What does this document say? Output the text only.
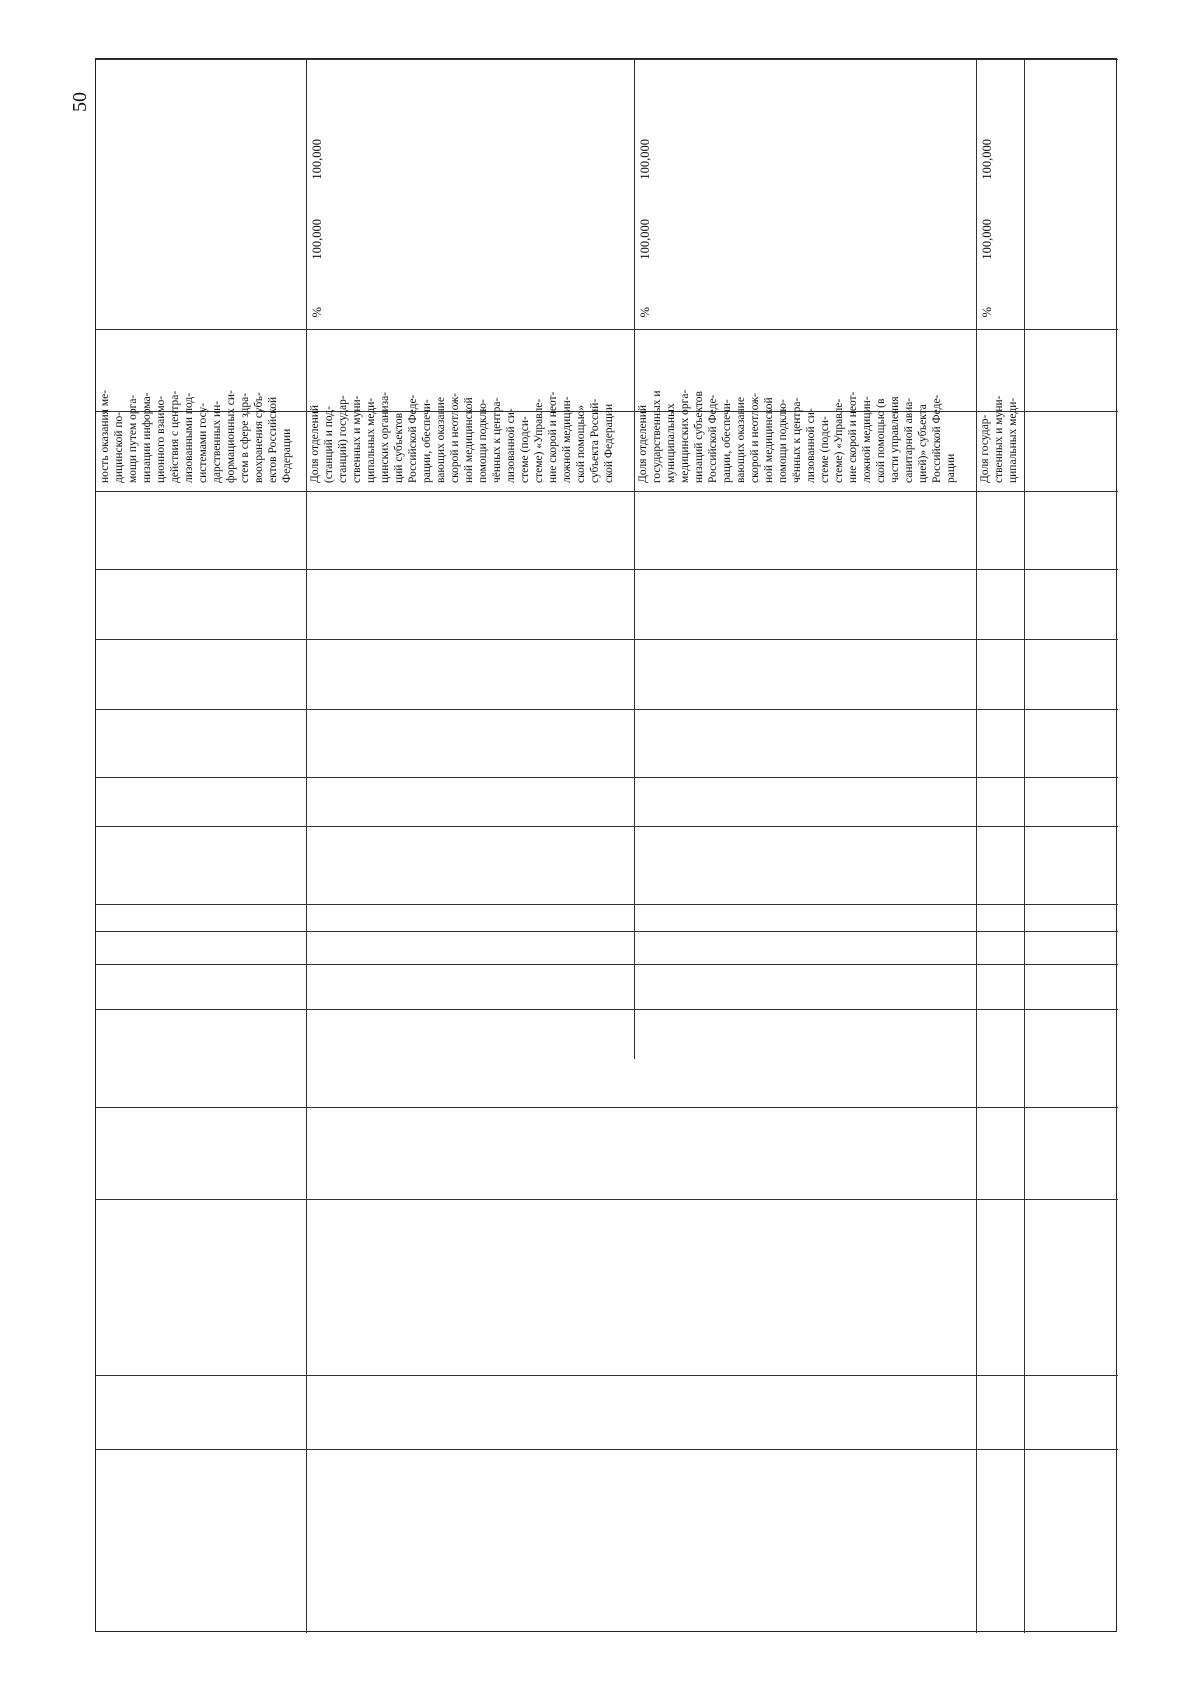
50
ность оказания ме-
дицинской по-
мощи путем орга-
низации информа-
ционного взаимо-
действия с центра-
лизованными под-
системами госу-
дарственных ин-
формационных си-
стем в сфере здра-
воохранения субъ-
ектов Российской
Федерации	Доля отделений
(станций и под-
станций) государ-
ственных и муни-
ципальных меди-
цинских организа-
ций субъектов
Российской Феде-
рации, обеспечи-
вающих оказание
скорой и неотлож-
ной медицинской
помощи подклю-
чённых к центра-
лизованной си-
стеме (подси-
стеме) «Управле-
ние скорой и неот-
ложной медицин-
ской помощью»
субъекта Россий-
ской Федерации
%
100,000
100,000
Доля отделений
государственных и
муниципальных
медицинских орга-
низаций субъектов
Российской Феде-
рации, обеспечи-
вающих оказание
скорой и неотлож-
ной медицинской
помощи подклю-
чённых к центра-
лизованной си-
стеме (подси-
стеме) «Управле-
ние скорой и неот-
ложной медицин-
ской помощью (в
части управления
санитарной авиа-
цией)» субъекта
Российской Феде-
рации
%
100,000
100,000
Доля государ-
ственных и муни-
ципальных меди-
%
100,000
100,000
